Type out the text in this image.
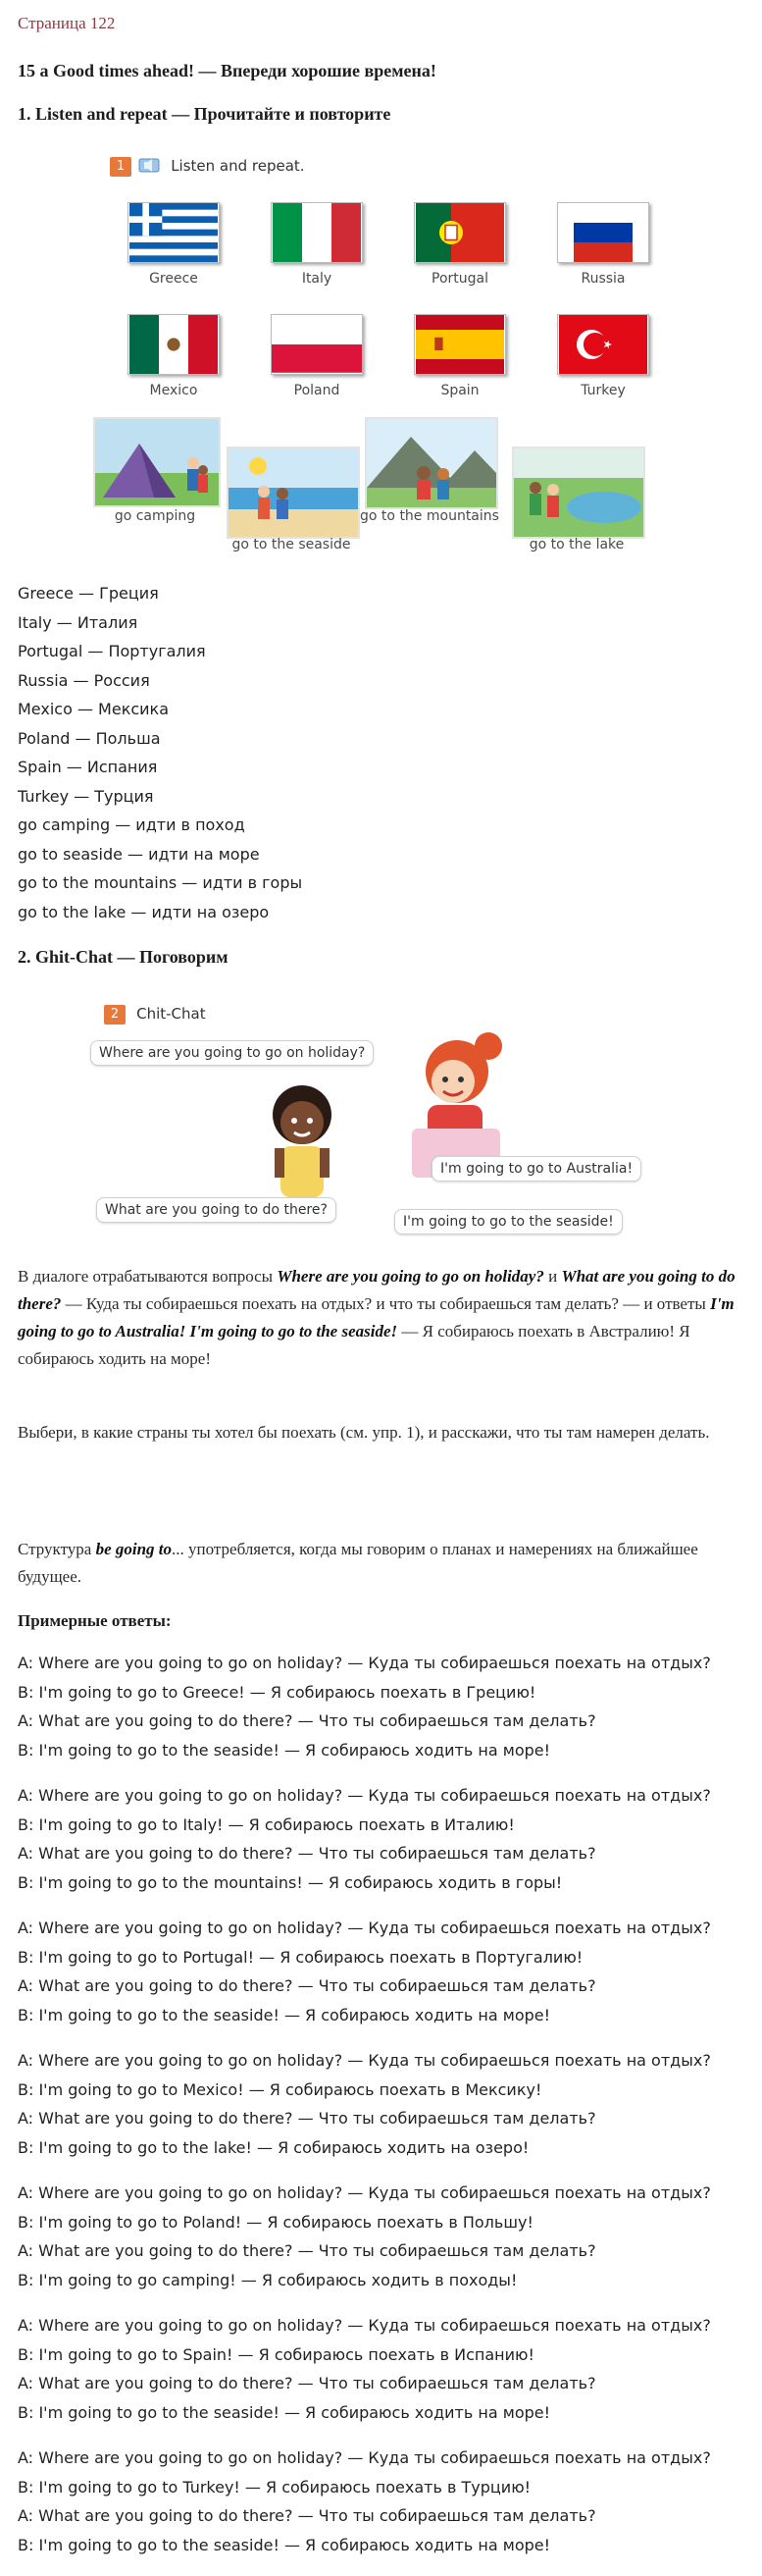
Страница 122
15 a Good times ahead! — Впереди хорошие времена!
1. Listen and repeat — Прочитайте и повторите
1	Listen and repeat.
Greece	Italy	Portugal	Russia
Mexico	Poland	Spain	Turkey
go camping
go to the seaside
go to the mountains
go to the lake
Greece — Греция
Italy — Италия
Portugal — Португалия
Russia — Россия
Mexico — Мексика
Poland — Польша
Spain — Испания
Turkey — Турция
go camping — идти в поход
go to seaside — идти на море
go to the mountains — идти в горы
go to the lake — идти на озеро
2. Ghit-Chat — Поговорим
2 Chit-Chat
Where are you going to go on holiday?
I'm going to go to Australia!
What are you going to do there?
I'm going to go to the seaside!
В диалоге отрабатываются вопросы Where are you going to go on holiday? и What are you going to do there? — Куда ты собираешься поехать на отдых? и что ты собираешься там делать? — и ответы I'm going to go to Australia! I'm going to go to the seaside! — Я собираюсь поехать в Австралию! Я собираюсь ходить на море!
Выбери, в какие страны ты хотел бы поехать (см. упр. 1), и расскажи, что ты там намерен делать.
Структура be going to... употребляется, когда мы говорим о планах и намерениях на ближайшее будущее.
Примерные ответы:
A: Where are you going to go on holiday? — Куда ты собираешься поехать на отдых?
B: I'm going to go to Greece! — Я собираюсь поехать в Грецию!
A: What are you going to do there? — Что ты собираешься там делать?
B: I'm going to go to the seaside! — Я собираюсь ходить на море!
A: Where are you going to go on holiday? — Куда ты собираешься поехать на отдых?
B: I'm going to go to Italy! — Я собираюсь поехать в Италию!
A: What are you going to do there? — Что ты собираешься там делать?
B: I'm going to go to the mountains! — Я собираюсь ходить в горы!
A: Where are you going to go on holiday? — Куда ты собираешься поехать на отдых?
B: I'm going to go to Portugal! — Я собираюсь поехать в Португалию!
A: What are you going to do there? — Что ты собираешься там делать?
B: I'm going to go to the seaside! — Я собираюсь ходить на море!
A: Where are you going to go on holiday? — Куда ты собираешься поехать на отдых?
B: I'm going to go to Mexico! — Я собираюсь поехать в Мексику!
A: What are you going to do there? — Что ты собираешься там делать?
B: I'm going to go to the lake! — Я собираюсь ходить на озеро!
A: Where are you going to go on holiday? — Куда ты собираешься поехать на отдых?
B: I'm going to go to Poland! — Я собираюсь поехать в Польшу!
A: What are you going to do there? — Что ты собираешься там делать?
B: I'm going to go camping! — Я собираюсь ходить в походы!
A: Where are you going to go on holiday? — Куда ты собираешься поехать на отдых?
B: I'm going to go to Spain! — Я собираюсь поехать в Испанию!
A: What are you going to do there? — Что ты собираешься там делать?
B: I'm going to go to the seaside! — Я собираюсь ходить на море!
A: Where are you going to go on holiday? — Куда ты собираешься поехать на отдых?
B: I'm going to go to Turkey! — Я собираюсь поехать в Турцию!
A: What are you going to do there? — Что ты собираешься там делать?
B: I'm going to go to the seaside! — Я собираюсь ходить на море!
